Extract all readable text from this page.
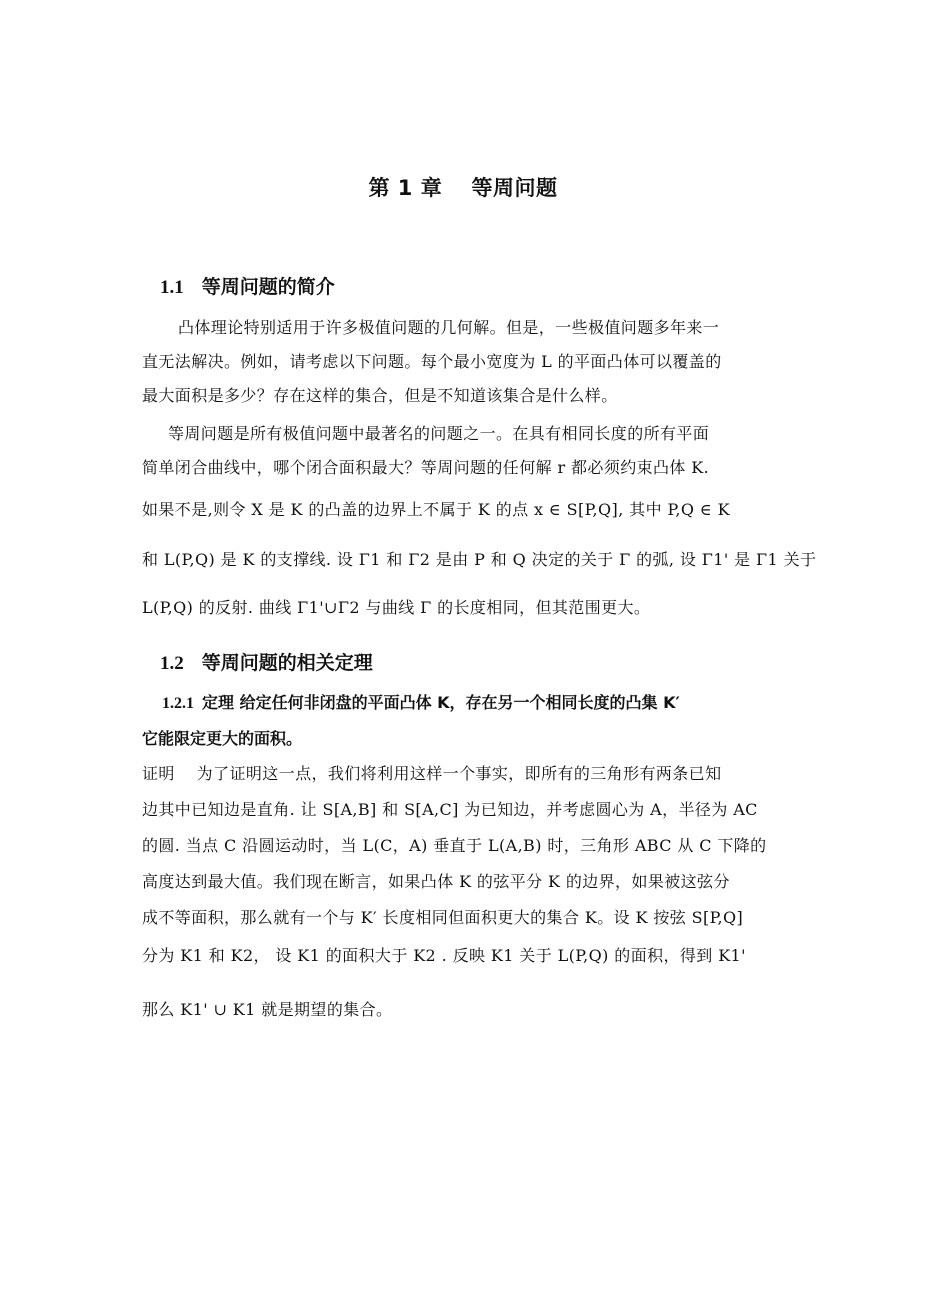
第 1 章　 等周问题
1.1 等周问题的简介
凸体理论特别适用于许多极值问题的几何解。但是，一些极值问题多年来一
直无法解决。例如，请考虑以下问题。每个最小宽度为 L 的平面凸体可以覆盖的
最大面积是多少？存在这样的集合，但是不知道该集合是什么样。
等周问题是所有极值问题中最著名的问题之一。在具有相同长度的所有平面
简单闭合曲线中，哪个闭合面积最大？等周问题的任何解 r 都必须约束凸体 K.
如果不是,则令 X 是 K 的凸盖的边界上不属于 K 的点 x ∈ S[P,Q], 其中 P,Q ∈ K
和 L(P,Q) 是 K 的支撑线. 设 Γ1 和 Γ2 是由 P 和 Q 决定的关于 Γ 的弧, 设 Γ1' 是 Γ1 关于
L(P,Q) 的反射. 曲线 Γ1'∪Γ2 与曲线 Γ 的长度相同，但其范围更大。
1.2 等周问题的相关定理
1.2.1 定理 给定任何非闭盘的平面凸体 K，存在另一个相同长度的凸集 K′
它能限定更大的面积。
证明　 为了证明这一点，我们将利用这样一个事实，即所有的三角形有两条已知
边其中已知边是直角. 让 S[A,B] 和 S[A,C] 为已知边，并考虑圆心为 A，半径为 AC
的圆. 当点 C 沿圆运动时，当 L(C，A) 垂直于 L(A,B) 时，三角形 ABC 从 C 下降的
高度达到最大值。我们现在断言，如果凸体 K 的弦平分 K 的边界，如果被这弦分
成不等面积，那么就有一个与 K′ 长度相同但面积更大的集合 K。设 K 按弦 S[P,Q]
分为 K1 和 K2， 设 K1 的面积大于 K2 . 反映 K1 关于 L(P,Q) 的面积，得到 K1'
那么 K1' ∪ K1 就是期望的集合。
